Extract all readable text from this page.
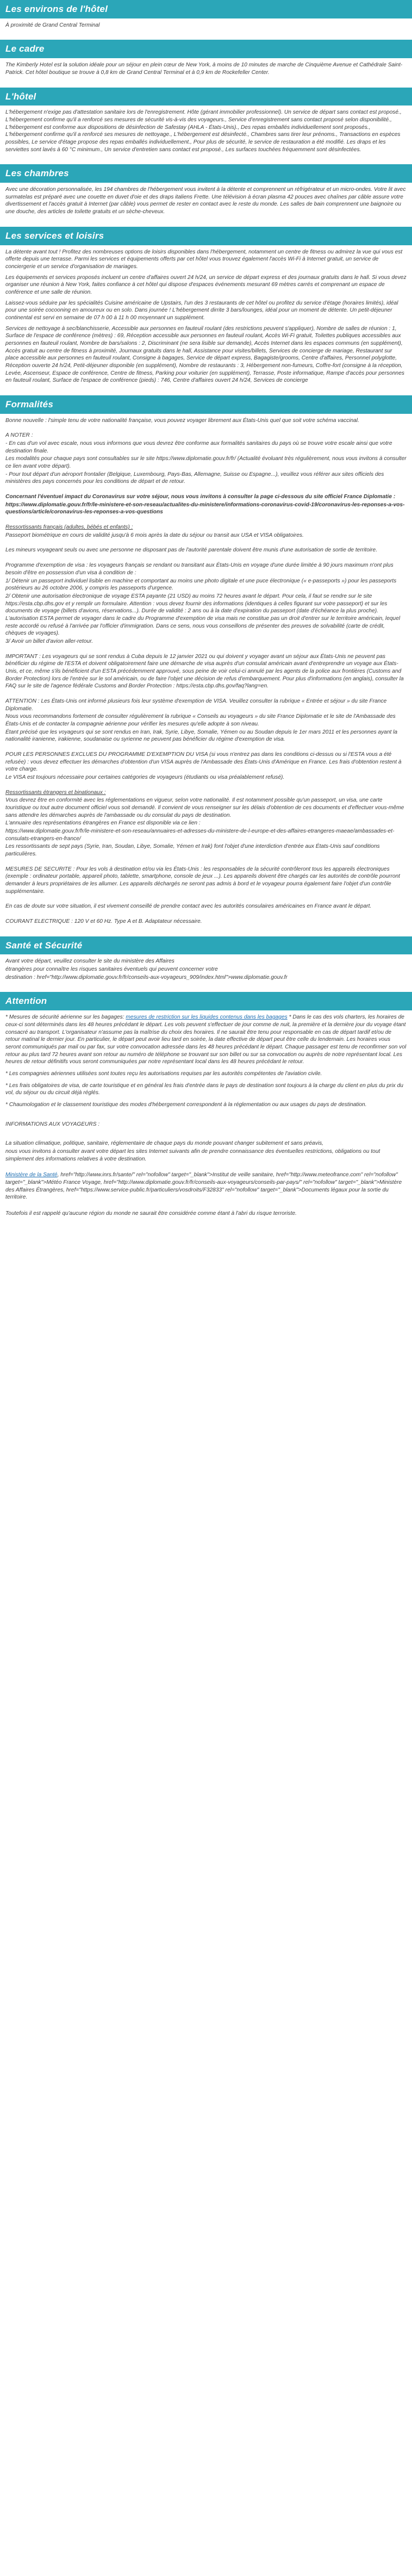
Les environs de l'hôtel

À proximité de Grand Central Terminal

Le cadre

The Kimberly Hotel est la solution idéale pour un séjour en plein cœur de New York, à moins de 10 minutes de marche de Cinquième Avenue et Cathédrale Saint-Patrick. Cet hôtel boutique se trouve à 0,8 km de Grand Central Terminal et à 0,9 km de Rockefeller Center.

L'hôtel

L'hébergement n'exige pas d'attestation sanitaire lors de l'enregistrement. Hôte (gérant immobilier professionnel). Un service de départ sans contact est proposé., L'hébergement confirme qu'il a renforcé ses mesures de sécurité vis-à-vis des voyageurs., Service d'enregistrement sans contact proposé selon disponibilité., L'hébergement est conforme aux dispositions de désinfection de Safestay (AHLA - États-Unis)., Des repas emballés individuellement sont proposés., L'hébergement confirme qu'il a renforcé ses mesures de nettoyage., L'hébergement est désinfecté., Chambres sans tirer leur prénoms., Transactions en espèces possibles, Le service d'étage propose des repas emballés individuellement., Pour plus de sécurité, le service de restauration a été modifié. Les draps et les serviettes sont lavés à 60 °C minimum., Un service d'entretien sans contact est proposé., Les surfaces touchées fréquemment sont désinfectées.

Les chambres

Avec une décoration personnalisée, les 194 chambres de l'hébergement vous invitent à la détente et comprennent un réfrigérateur et un micro-ondes. Votre lit avec surmatelas est préparé avec une couette en duvet d'oie et des draps italiens Frette. Une télévision à écran plasma 42 pouces avec chaînes par câble assure votre divertissement et l'accès gratuit à Internet (par câble) vous permet de rester en contact avec le reste du monde. Les salles de bain comprennent une baignoire ou une douche, des articles de toilette gratuits et un sèche-cheveux.

Les services et loisirs

La détente avant tout ! Profitez des nombreuses options de loisirs disponibles dans l'hébergement, notamment un centre de fitness ou admirez la vue qui vous est offerte depuis une terrasse. Parmi les services et équipements offerts par cet hôtel vous trouvez également l'accès Wi-Fi à Internet gratuit, un service de conciergerie et un service d'organisation de mariages.

Les équipements et services proposés incluent un centre d'affaires ouvert 24 h/24, un service de départ express et des journaux gratuits dans le hall. Si vous devez organiser une réunion à New York, faites confiance à cet hôtel qui dispose d'espaces événements mesurant 69 mètres carrés et comprenant un espace de conférence et une salle de réunion.

Laissez-vous séduire par les spécialités Cuisine américaine de Upstairs, l'un des 3 restaurants de cet hôtel ou profitez du service d'étage (horaires limités), idéal pour une soirée cocooning en amoureux ou en solo. Dans journée ! L'hébergement dirrite 3 bars/lounges, idéal pour un moment de détente. Un petit-déjeuner continental est servi en semaine de 07 h 00 à 11 h 00 moyennant un supplément.

Services de nettoyage à sec/blanchisserie, Accessible aux personnes en fauteuil roulant (des restrictions peuvent s'appliquer), Nombre de salles de réunion : 1, Surface de l'espace de conférence (mètres) : 69, Réception accessible aux personnes en fauteuil roulant, Accès Wi-Fi gratuit, Toilettes publiques accessibles aux personnes en fauteuil roulant, Nombre de bars/salons : 2, Discriminant (ne sera lisible sur demande), Accès Internet dans les espaces communs (en supplément), Accès gratuit au centre de fitness à proximité, Journaux gratuits dans le hall, Assistance pour visites/billets, Services de concierge de mariage, Restaurant sur place accessible aux personnes en fauteuil roulant, Consigne à bagages, Service de départ express, Bagagiste/grooms, Centre d'affaires, Personnel polyglotte, Réception ouverte 24 h/24, Petit-déjeuner disponible (en supplément), Nombre de restaurants : 3, Hébergement non-fumeurs, Coffre-fort (consigne à la réception, Levée, Ascenseur, Espace de conférence, Centre de fitness, Parking pour voiturier (en supplément), Terrasse, Poste informatique, Rampe d'accès pour personnes en fauteuil roulant, Surface de l'espace de conférence (pieds) : 746, Centre d'affaires ouvert 24 h/24, Services de concierge

Formalités

Bonne nouvelle : l'simple tenu de votre nationalité française, vous pouvez voyager librement aux États-Unis quel que soit votre schéma vaccinal.

A NOTER :

- En cas d'un vol avec escale, nous vous informons que vous devrez être conforme aux formalités sanitaires du pays où se trouve votre escale ainsi que votre destination finale.

Les modalités pour chaque pays sont consultables sur le site https://www.diplomatie.gouv.fr/fr/ (Actualité évoluant très régulièrement, nous vous invitons à consulter ce lien avant votre départ).

- Pour tout départ d'un aéroport frontalier (Belgique, Luxembourg, Pays-Bas, Allemagne, Suisse ou Espagne...), veuillez vous référer aux sites officiels des ministères des pays concernés pour les conditions de départ et de retour.

Concernant l'éventuel impact du Coronavirus sur votre séjour, nous vous invitons à consulter la page ci-dessous du site officiel France Diplomatie :

https://www.diplomatie.gouv.fr/fr/le-ministere-et-son-reseau/actualites-du-ministere/informations-coronavirus-covid-19/coronavirus-les-reponses-a-vos-questions/article/coronavirus-les-reponses-a-vos-questions

Ressortissants français (adultes, bébés et enfants) :

Passeport biométrique en cours de validité jusqu'à 6 mois après la date du séjour ou transit aux USA et VISA obligatoires.

Les mineurs voyageant seuls ou avec une personne ne disposant pas de l'autorité parentale doivent être munis d'une autorisation de sortie de territoire.

Programme d'exemption de visa : les voyageurs français se rendant ou transitant aux États-Unis en voyage d'une durée limitée à 90 jours maximum n'ont plus besoin d'être en possession d'un visa à condition de :

1/ Détenir un passeport individuel lisible en machine et comportant au moins une photo digitale et une puce électronique (« e-passeports ») pour les passeports postérieurs au 26 octobre 2006, y compris les passeports d'urgence.

2/ Obtenir une autorisation électronique de voyage ESTA payante (21 USD) au moins 72 heures avant le départ. Pour cela, il faut se rendre sur le site https://esta.cbp.dhs.gov et y remplir un formulaire. Attention : vous devez fournir des informations (identiques à celles figurant sur votre passeport) et sur les documents de voyage (billets d'avions, réservations...). Durée de validité : 2 ans ou à la date d'expiration du passeport (date d'échéance la plus proche). L'autorisation ESTA permet de voyager dans le cadre du Programme d'exemption de visa mais ne constitue pas un droit d'entrer sur le territoire américain, lequel reste accordé ou refusé à l'arrivée par l'officier d'immigration. Dans ce sens, nous vous conseillons de présenter des preuves de solvabilité (carte de crédit, chèques de voyages).

3/ Avoir un billet d'avion aller-retour.

IMPORTANT : Les voyageurs qui se sont rendus à Cuba depuis le 12 janvier 2021 ou qui doivent y voyager avant un séjour aux États-Unis ne peuvent pas bénéficier du régime de l'ESTA et doivent obligatoirement faire une démarche de visa auprès d'un consulat américain avant d'entreprendre un voyage aux États-Unis, et ce, même s'ils bénéficient d'un ESTA précédemment approuvé, sous peine de voir celui-ci annulé par les agents de la police aux frontières (Customs and Border Protection) lors de l'entrée sur le sol américain, ou de faire l'objet une décision de refus d'embarquement. Pour plus d'informations (en anglais), consulter la FAQ sur le site de l'agence fédérale Customs and Border Protection : https://esta.cbp.dhs.gov/faq?lang=en.

ATTENTION : Les États-Unis ont informé plusieurs fois leur système d'exemption de VISA. Veuillez consulter la rubrique « Entrée et séjour » du site France Diplomatie.

Nous vous recommandons fortement de consulter régulièrement la rubrique « Conseils au voyageurs » du site France Diplomatie et le site de l'Ambassade des États-Unis et de contacter la compagnie aérienne pour vérifier les mesures qu'elle adopte à son niveau.

Étant précisé que les voyageurs qui se sont rendus en Iran, Irak, Syrie, Libye, Somalie, Yémen ou au Soudan depuis le 1er mars 2011 et les personnes ayant la nationalité iranienne, irakienne, soudanaise ou syrienne ne peuvent pas bénéficier du régime d'exemption de visa.

POUR LES PERSONNES EXCLUES DU PROGRAMME D'EXEMPTION DU VISA (si vous n'entrez pas dans les conditions ci-dessus ou si l'ESTA vous a été refusée) : vous devez effectuer les démarches d'obtention d'un VISA auprès de l'Ambassade des États-Unis d'Amérique en France. Les frais d'obtention restent à votre charge.

Le VISA est toujours nécessaire pour certaines catégories de voyageurs (étudiants ou visa préalablement refusé).

Ressortissants étrangers et binationaux :

Vous devrez être en conformité avec les réglementations en vigueur, selon votre nationalité. Il est notamment possible qu'un passeport, un visa, une carte touristique ou tout autre document officiel vous soit demandé. Il convient de vous renseigner sur les délais d'obtention de ces documents et d'effectuer vous-même sans attendre les démarches auprès de l'ambassade ou du consulat du pays de destination.

L'annuaire des représentations étrangères en France est disponible via ce lien :

https://www.diplomatie.gouv.fr/fr/le-ministere-et-son-reseau/annuaires-et-adresses-du-ministere-de-l-europe-et-des-affaires-etrangeres-maeae/ambassades-et-consulats-etrangers-en-france/

Les ressortissants de sept pays (Syrie, Iran, Soudan, Libye, Somalie, Yémen et Irak) font l'objet d'une interdiction d'entrée aux États-Unis sauf conditions particulières.

MESURES DE SECURITE : Pour les vols à destination et/ou via les États-Unis : les responsables de la sécurité contrôleront tous les appareils électroniques (exemple : ordinateur portable, appareil photo, tablette, smartphone, console de jeux ...). Les appareils doivent être chargés car les autorités de contrôle pourront demander à leurs propriétaires de les allumer. Les appareils déchargés ne seront pas admis à bord et le voyageur pourra également faire l'objet d'un contrôle supplémentaire.

En cas de doute sur votre situation, il est vivement conseillé de prendre contact avec les autorités consulaires américaines en France avant le départ.

COURANT ELECTRIQUE : 120 V et 60 Hz. Type A et B. Adaptateur nécessaire.

Santé et Sécurité

Avant votre départ, veuillez consulter le site du ministère des Affaires

étrangères pour connaître les risques sanitaires éventuels qui peuvent concerner votre

destination : href="http://www.diplomatie.gouv.fr/fr/conseils-aux-voyageurs_909/index.html">www.diplomatie.gouv.fr

Attention

* Mesures de sécurité aérienne sur les bagages: mesures de restriction sur les liquides contenus dans les bagages * Dans le cas des vols charters, les horaires de ceux-ci sont déterminés dans les 48 heures précédant le départ. Les vols peuvent s'effectuer de jour comme de nuit, la première et la dernière jour du voyage étant consacré au transport. L'organisateur n'assume pas la maîtrise du choix des horaires. Il ne saurait être tenu pour responsable en cas de départ tardif et/ou de retour matinal le dernier jour. En particulier, le départ peut avoir lieu tard en soirée, la date effective de départ peut être celle du lendemain. Les horaires vous seront communiqués par mail ou par fax, sur votre convocation adressée dans les 48 heures précédant le départ. Chaque passager est tenu de reconfirmer son vol retour au plus tard 72 heures avant son retour au numéro de téléphone se trouvant sur son billet ou sur sa convocation ou auprès de notre représentant local. Les heures de retour définitifs vous seront communiquées par notre représentant local dans les 48 heures précédant le retour.

* Les compagnies aériennes utilisées sont toutes reçu les autorisations requises par les autorités compétentes de l'aviation civile.

* Les frais obligatoires de visa, de carte touristique et en général les frais d'entrée dans le pays de destination sont toujours à la charge du client en plus du prix du vol, du séjour ou du circuit déjà réglés.

* Chaumologation et le classement touristique des modes d'hébergement correspondent à la réglementation ou aux usages du pays de destination.

INFORMATIONS AUX VOYAGEURS :

La situation climatique, politique, sanitaire, réglementaire de chaque pays du monde pouvant changer subitement et sans préavis,

nous vous invitons à consulter avant votre départ les sites Internet suivants afin de prendre connaissance des éventuelles restrictions, obligations ou tout simplement des informations relatives à votre destination.

Ministère de la Santé, href="http://www.inrs.fr/sante/" rel="nofollow" target="_blank">Institut de veille sanitaire, href="http://www.meteofrance.com" rel="nofollow" target="_blank">Météo France Voyage, href="http://www.diplomatie.gouv.fr/fr/conseils-aux-voyageurs/conseils-par-pays/" rel="nofollow" target="_blank">Ministère des Affaires Étrangères, href="https://www.service-public.fr/particuliers/vosdroits/F32833" rel="nofollow" target="_blank">Documents légaux pour la sortie du territoire.

Toutefois il est rappelé qu'aucune région du monde ne saurait être considérée comme étant à l'abri du risque terroriste.
